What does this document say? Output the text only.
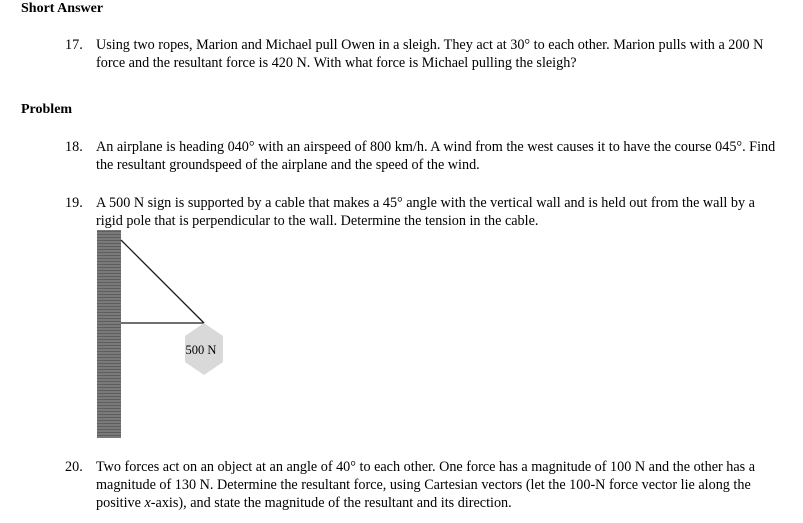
Short Answer
17. Using two ropes, Marion and Michael pull Owen in a sleigh. They act at 30° to each other. Marion pulls with a 200 N force and the resultant force is 420 N. With what force is Michael pulling the sleigh?
Problem
18. An airplane is heading 040° with an airspeed of 800 km/h. A wind from the west causes it to have the course 045°. Find the resultant groundspeed of the airplane and the speed of the wind.
19. A 500 N sign is supported by a cable that makes a 45° angle with the vertical wall and is held out from the wall by a rigid pole that is perpendicular to the wall. Determine the tension in the cable.
500 N
20. Two forces act on an object at an angle of 40° to each other. One force has a magnitude of 100 N and the other has a magnitude of 130 N. Determine the resultant force, using Cartesian vectors (let the 100-N force vector lie along the positive x-axis), and state the magnitude of the resultant and its direction.
